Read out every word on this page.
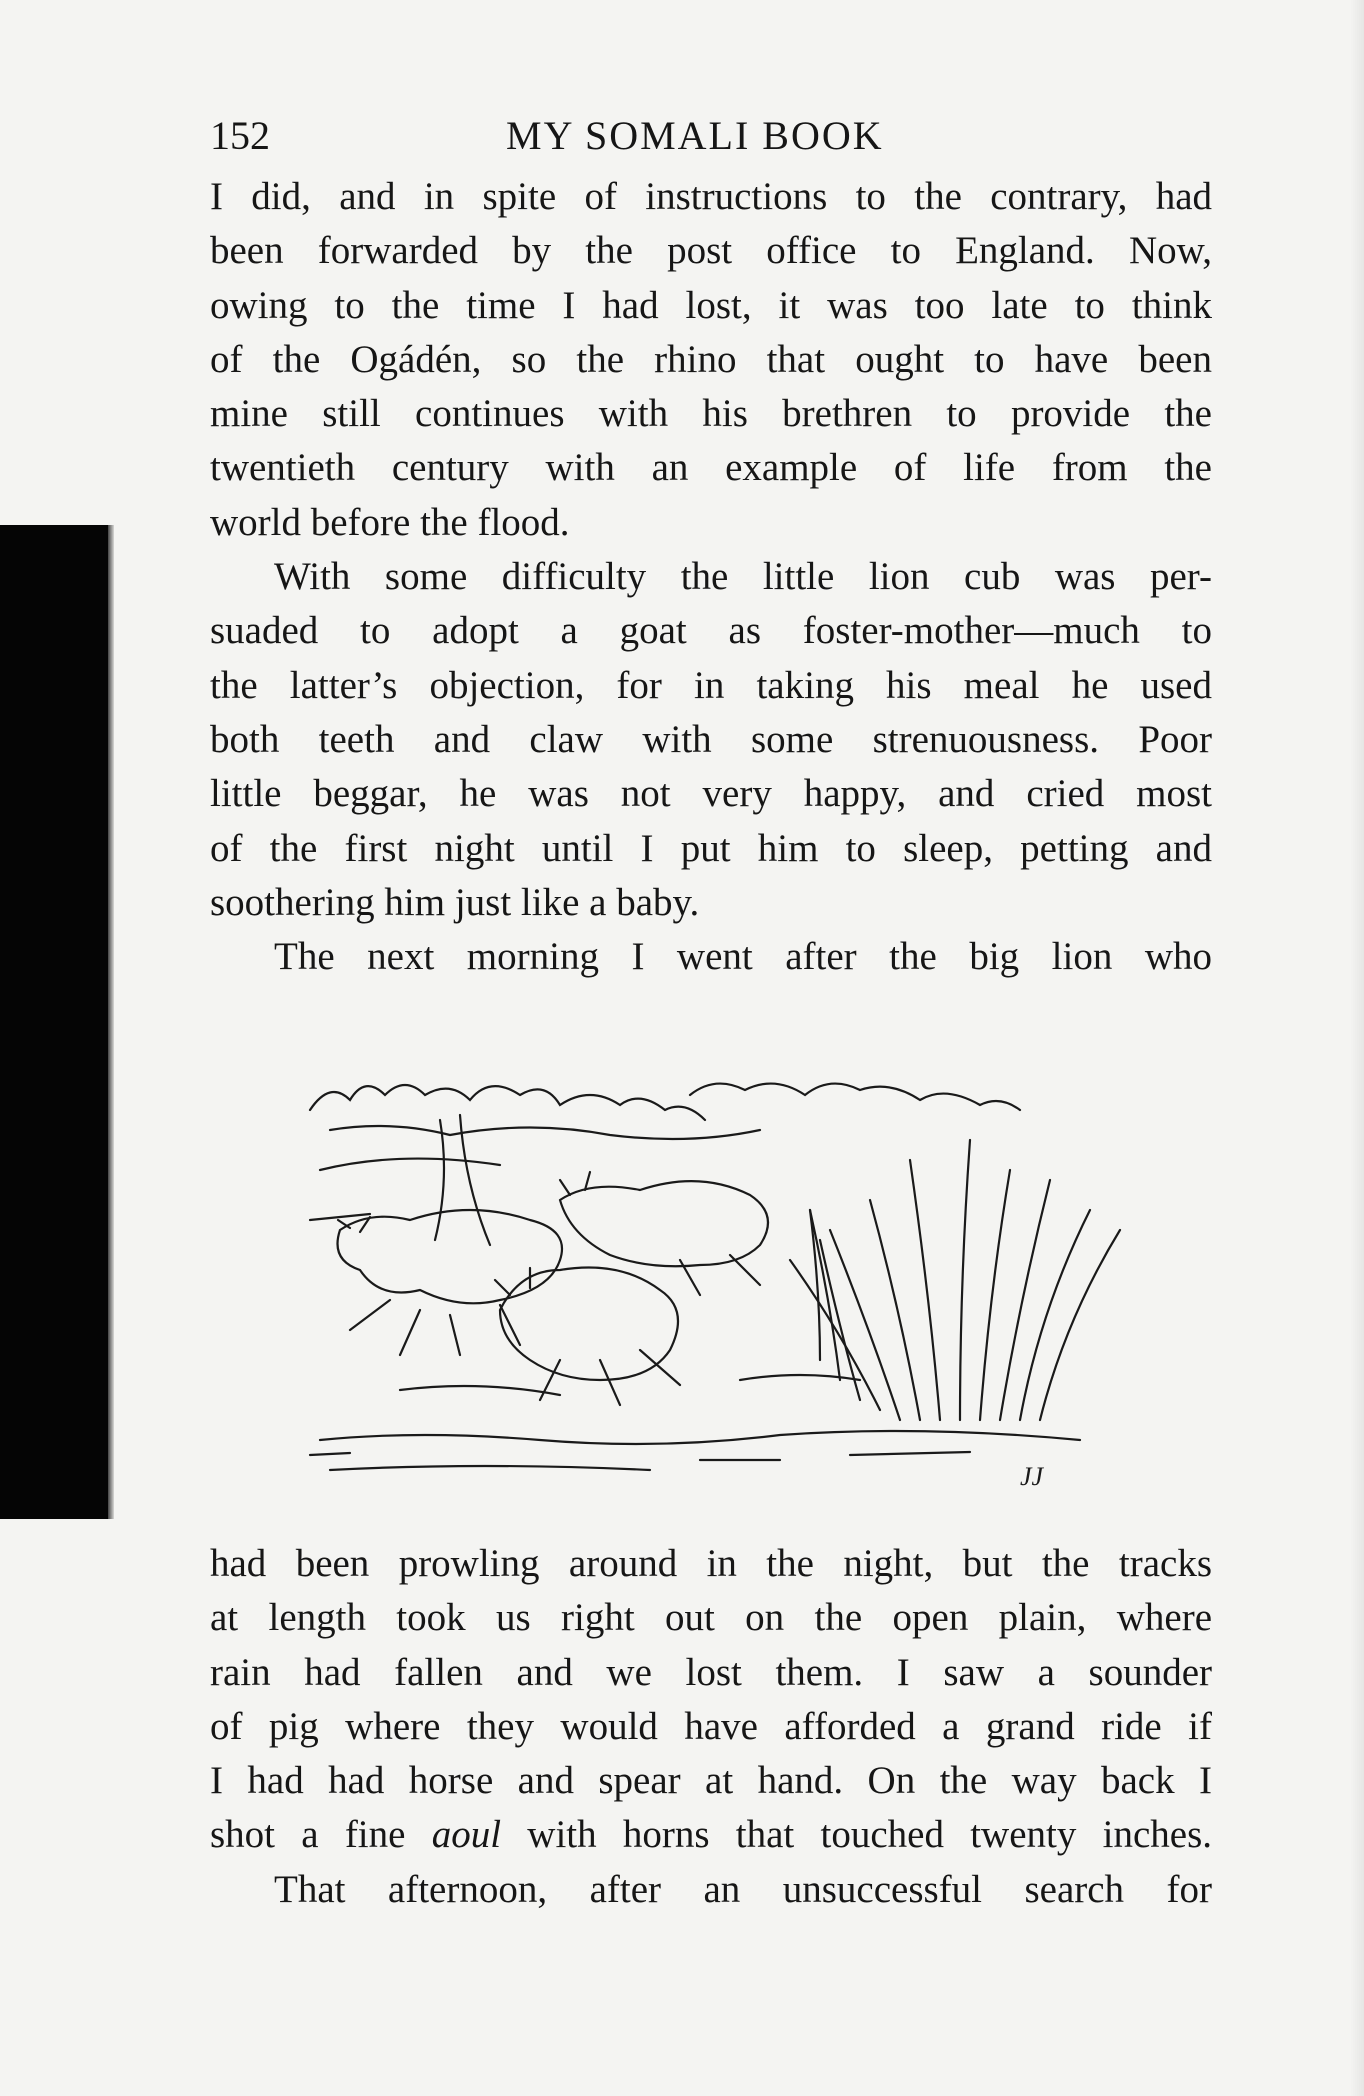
152	MY SOMALI BOOK
I did, and in spite of instructions to the contrary, had
been forwarded by the post office to England. Now,
owing to the time I had lost, it was too late to think
of the Ogádén, so the rhino that ought to have been
mine still continues with his brethren to provide the
twentieth century with an example of life from the
world before the flood.
With some difficulty the little lion cub was per-
suaded to adopt a goat as foster-mother—much to
the latter’s objection, for in taking his meal he used
both teeth and claw with some strenuousness. Poor
little beggar, he was not very happy, and cried most
of the first night until I put him to sleep, petting and
soothering him just like a baby.
The next morning I went after the big lion who
JJ
had been prowling around in the night, but the tracks
at length took us right out on the open plain, where
rain had fallen and we lost them. I saw a sounder
of pig where they would have afforded a grand ride if
I had had horse and spear at hand. On the way back I
shot a fine aoul with horns that touched twenty inches.
That afternoon, after an unsuccessful search for
